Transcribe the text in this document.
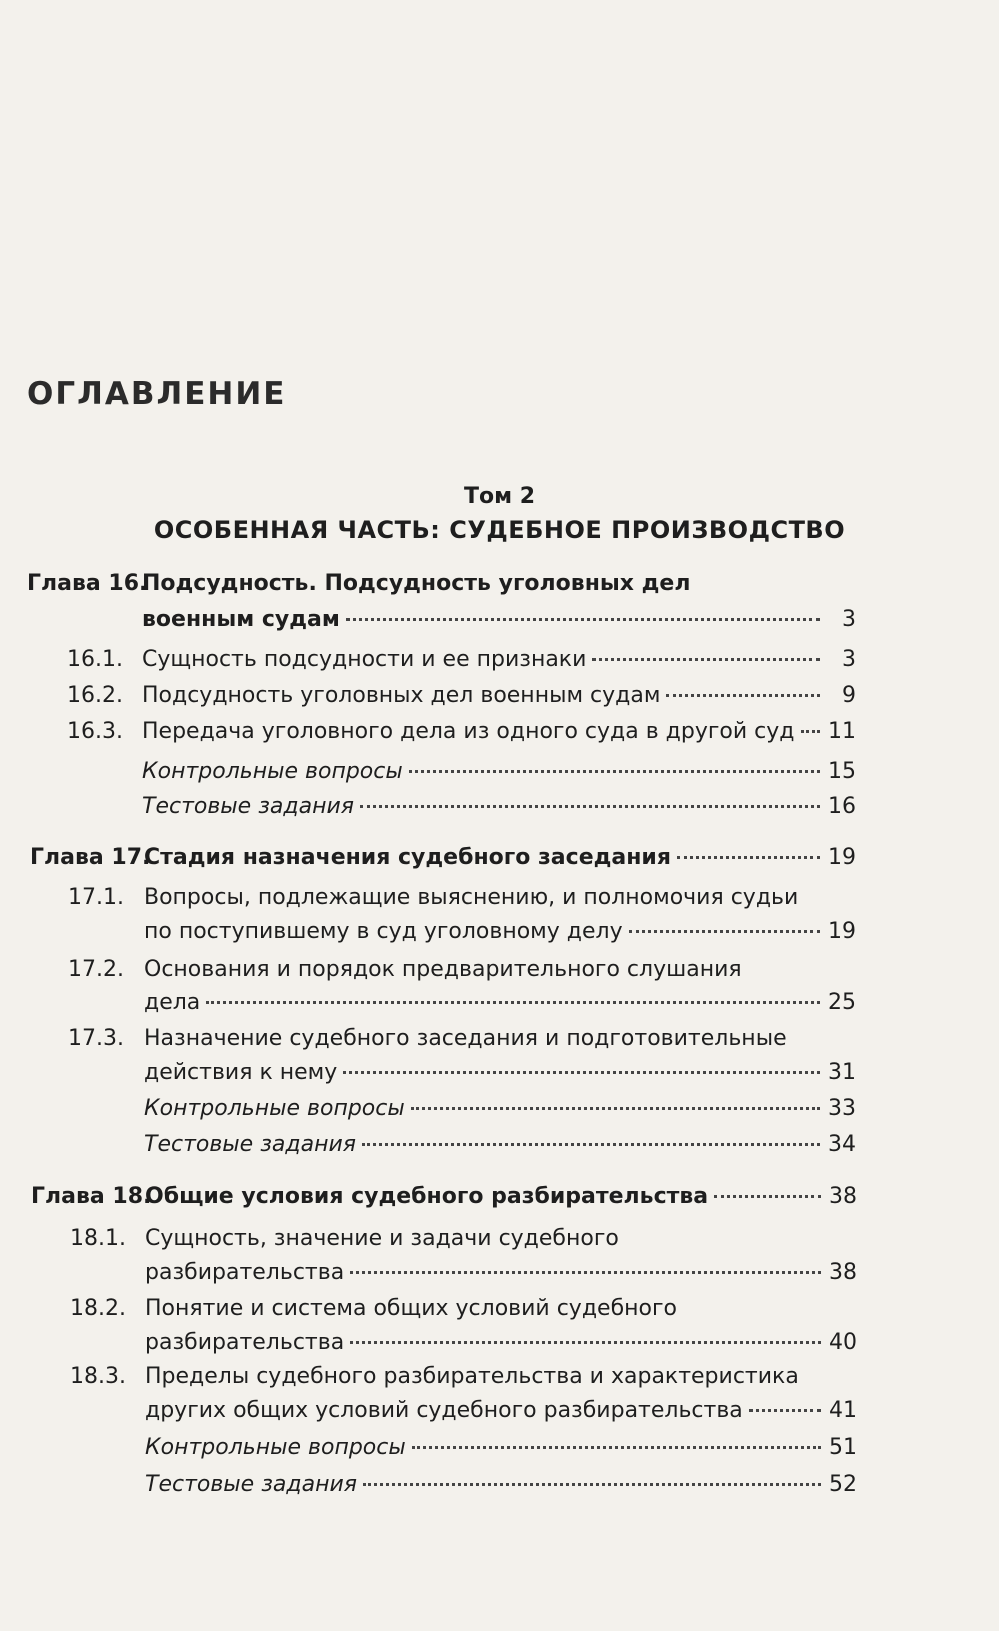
ОГЛАВЛЕНИЕ
Том 2
ОСОБЕННАЯ ЧАСТЬ: СУДЕБНОЕ ПРОИЗВОДСТВО
Глава 16.
Подсудность. Подсудность уголовных дел
военным судам	3
16.1. Сущность подсудности и ее признаки	3
16.2. Подсудность уголовных дел военным судам	9
16.3. Передача уголовного дела из одного суда в другой суд 11
Контрольные вопросы	15
Тестовые задания	16
Глава 17.
Стадия назначения судебного заседания	19
17.1. Вопросы, подлежащие выяснению, и полномочия судьи
по поступившему в суд уголовному делу	19
17.2. Основания и порядок предварительного слушания
дела	25
17.3. Назначение судебного заседания и подготовительные
действия к нему	31
Контрольные вопросы	33
Тестовые задания	34
Глава 18.
Общие условия судебного разбирательства	38
18.1. Сущность, значение и задачи судебного
разбирательства	38
18.2. Понятие и система общих условий судебного
разбирательства	40
18.3. Пределы судебного разбирательства и характеристика
других общих условий судебного разбирательства	41
Контрольные вопросы	51
Тестовые задания	52
